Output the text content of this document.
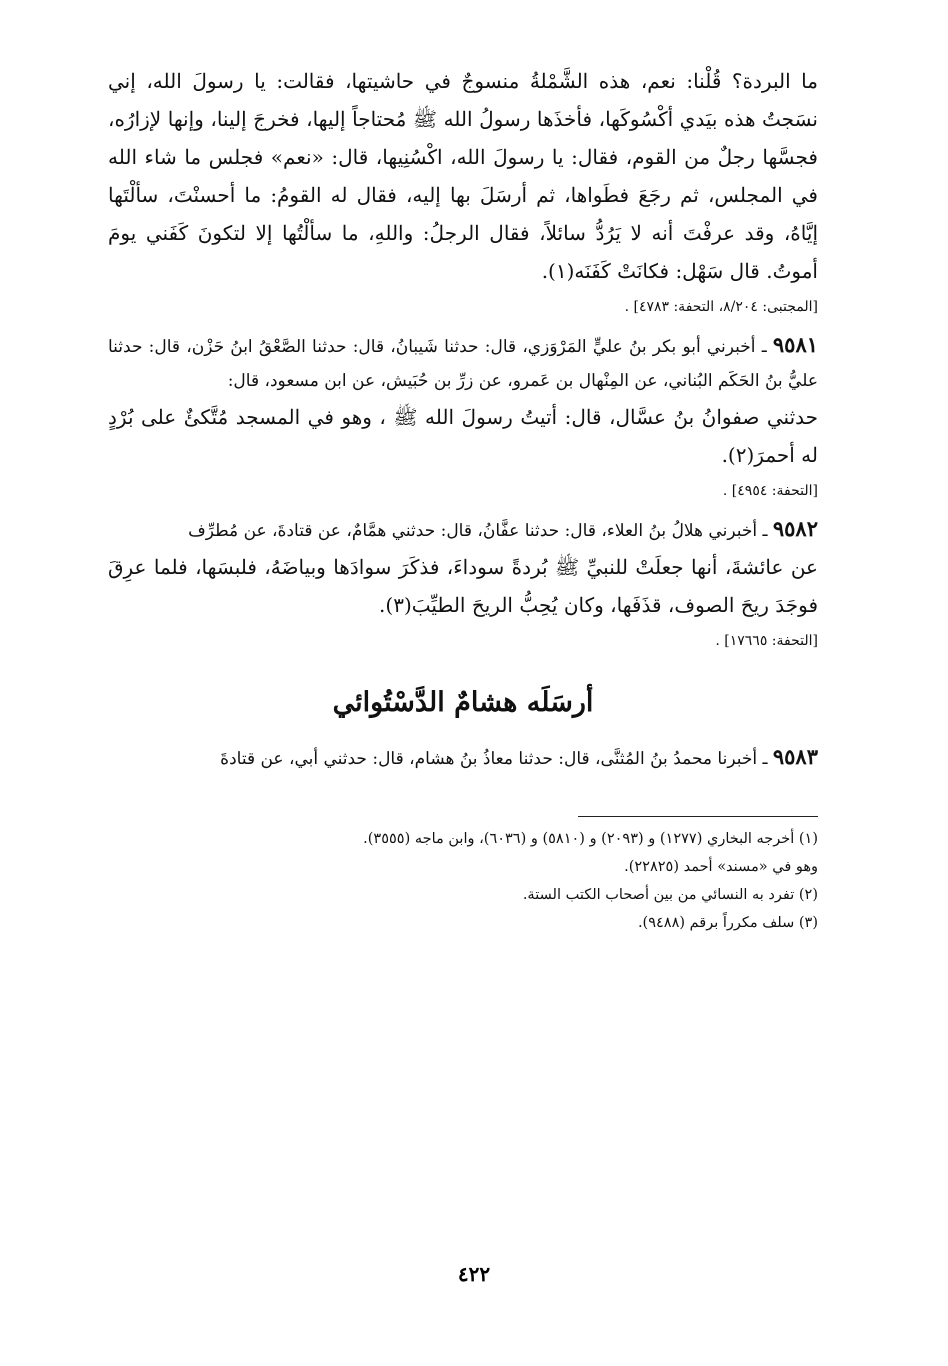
ما البردة؟ قُلْنا: نعم، هذه الشَّمْلةُ منسوجٌ في حاشيتها، فقالت: يا رسولَ الله، إني نسَجتُ هذه بيَدي أكْسُوكَها، فأخذَها رسولُ الله ﷺ مُحتاجاً إليها، فخرجَ إلينا، وإنها لإزارُه، فجسَّها رجلٌ من القوم، فقال: يا رسولَ الله، اكْسُنِيها، قال: «نعم» فجلس ما شاء الله في المجلس، ثم رجَعَ فطَواها، ثم أرسَلَ بها إليه، فقال له القومُ: ما أحسنْتَ، سألْتَها إيَّاهُ، وقد عرفْتَ أنه لا يَرُدُّ سائلاً، فقال الرجلُ: واللهِ، ما سألْتُها إلا لتكونَ كَفَني يومَ أموتُ. قال سَهْل: فكانَتْ كَفَنَه(١).

[المجتبى: ٨/٢٠٤، التحفة: ٤٧٨٣] .

٩٥٨١ ـ أخبرني أبو بكر بنُ عليٍّ المَرْوَزي، قال: حدثنا شَيبانُ، قال: حدثنا الصَّعْقُ ابنُ حَزْن، قال: حدثنا عليُّ بنُ الحَكَم البُناني، عن المِنْهال بن عَمرو، عن زرِّ بن حُبَيش، عن ابن مسعود، قال:

حدثني صفوانُ بنُ عسَّال، قال: أتيتُ رسولَ الله ﷺ ، وهو في المسجد مُتَّكئٌ على بُرْدٍ له أحمرَ(٢).

[التحفة: ٤٩٥٤] .

٩٥٨٢ ـ أخبرني هلالُ بنُ العلاء، قال: حدثنا عفَّانُ، قال: حدثني همَّامٌ، عن قتادةَ، عن مُطرِّف

عن عائشةَ، أنها جعلَتْ للنبيِّ ﷺ بُردةً سوداءَ، فذكَرَ سوادَها وبياضَهُ، فلبسَها، فلما عرِقَ فوجَدَ ريحَ الصوف، قذَفَها، وكان يُحِبُّ الريحَ الطيِّبَ(٣).

[التحفة: ١٧٦٦٥] .
أرسَلَه هشامٌ الدَّسْتُوائي

٩٥٨٣ ـ أخبرنا محمدُ بنُ المُثنَّى، قال: حدثنا معاذُ بنُ هشام، قال: حدثني أبي، عن قتادةَ

(١) أخرجه البخاري (١٢٧٧) و (٢٠٩٣) و (٥٨١٠) و (٦٠٣٦)، وابن ماجه (٣٥٥٥).

وهو في «مسند» أحمد (٢٢٨٢٥).

(٢) تفرد به النسائي من بين أصحاب الكتب الستة.

(٣) سلف مكرراً برقم (٩٤٨٨).

٤٢٢
